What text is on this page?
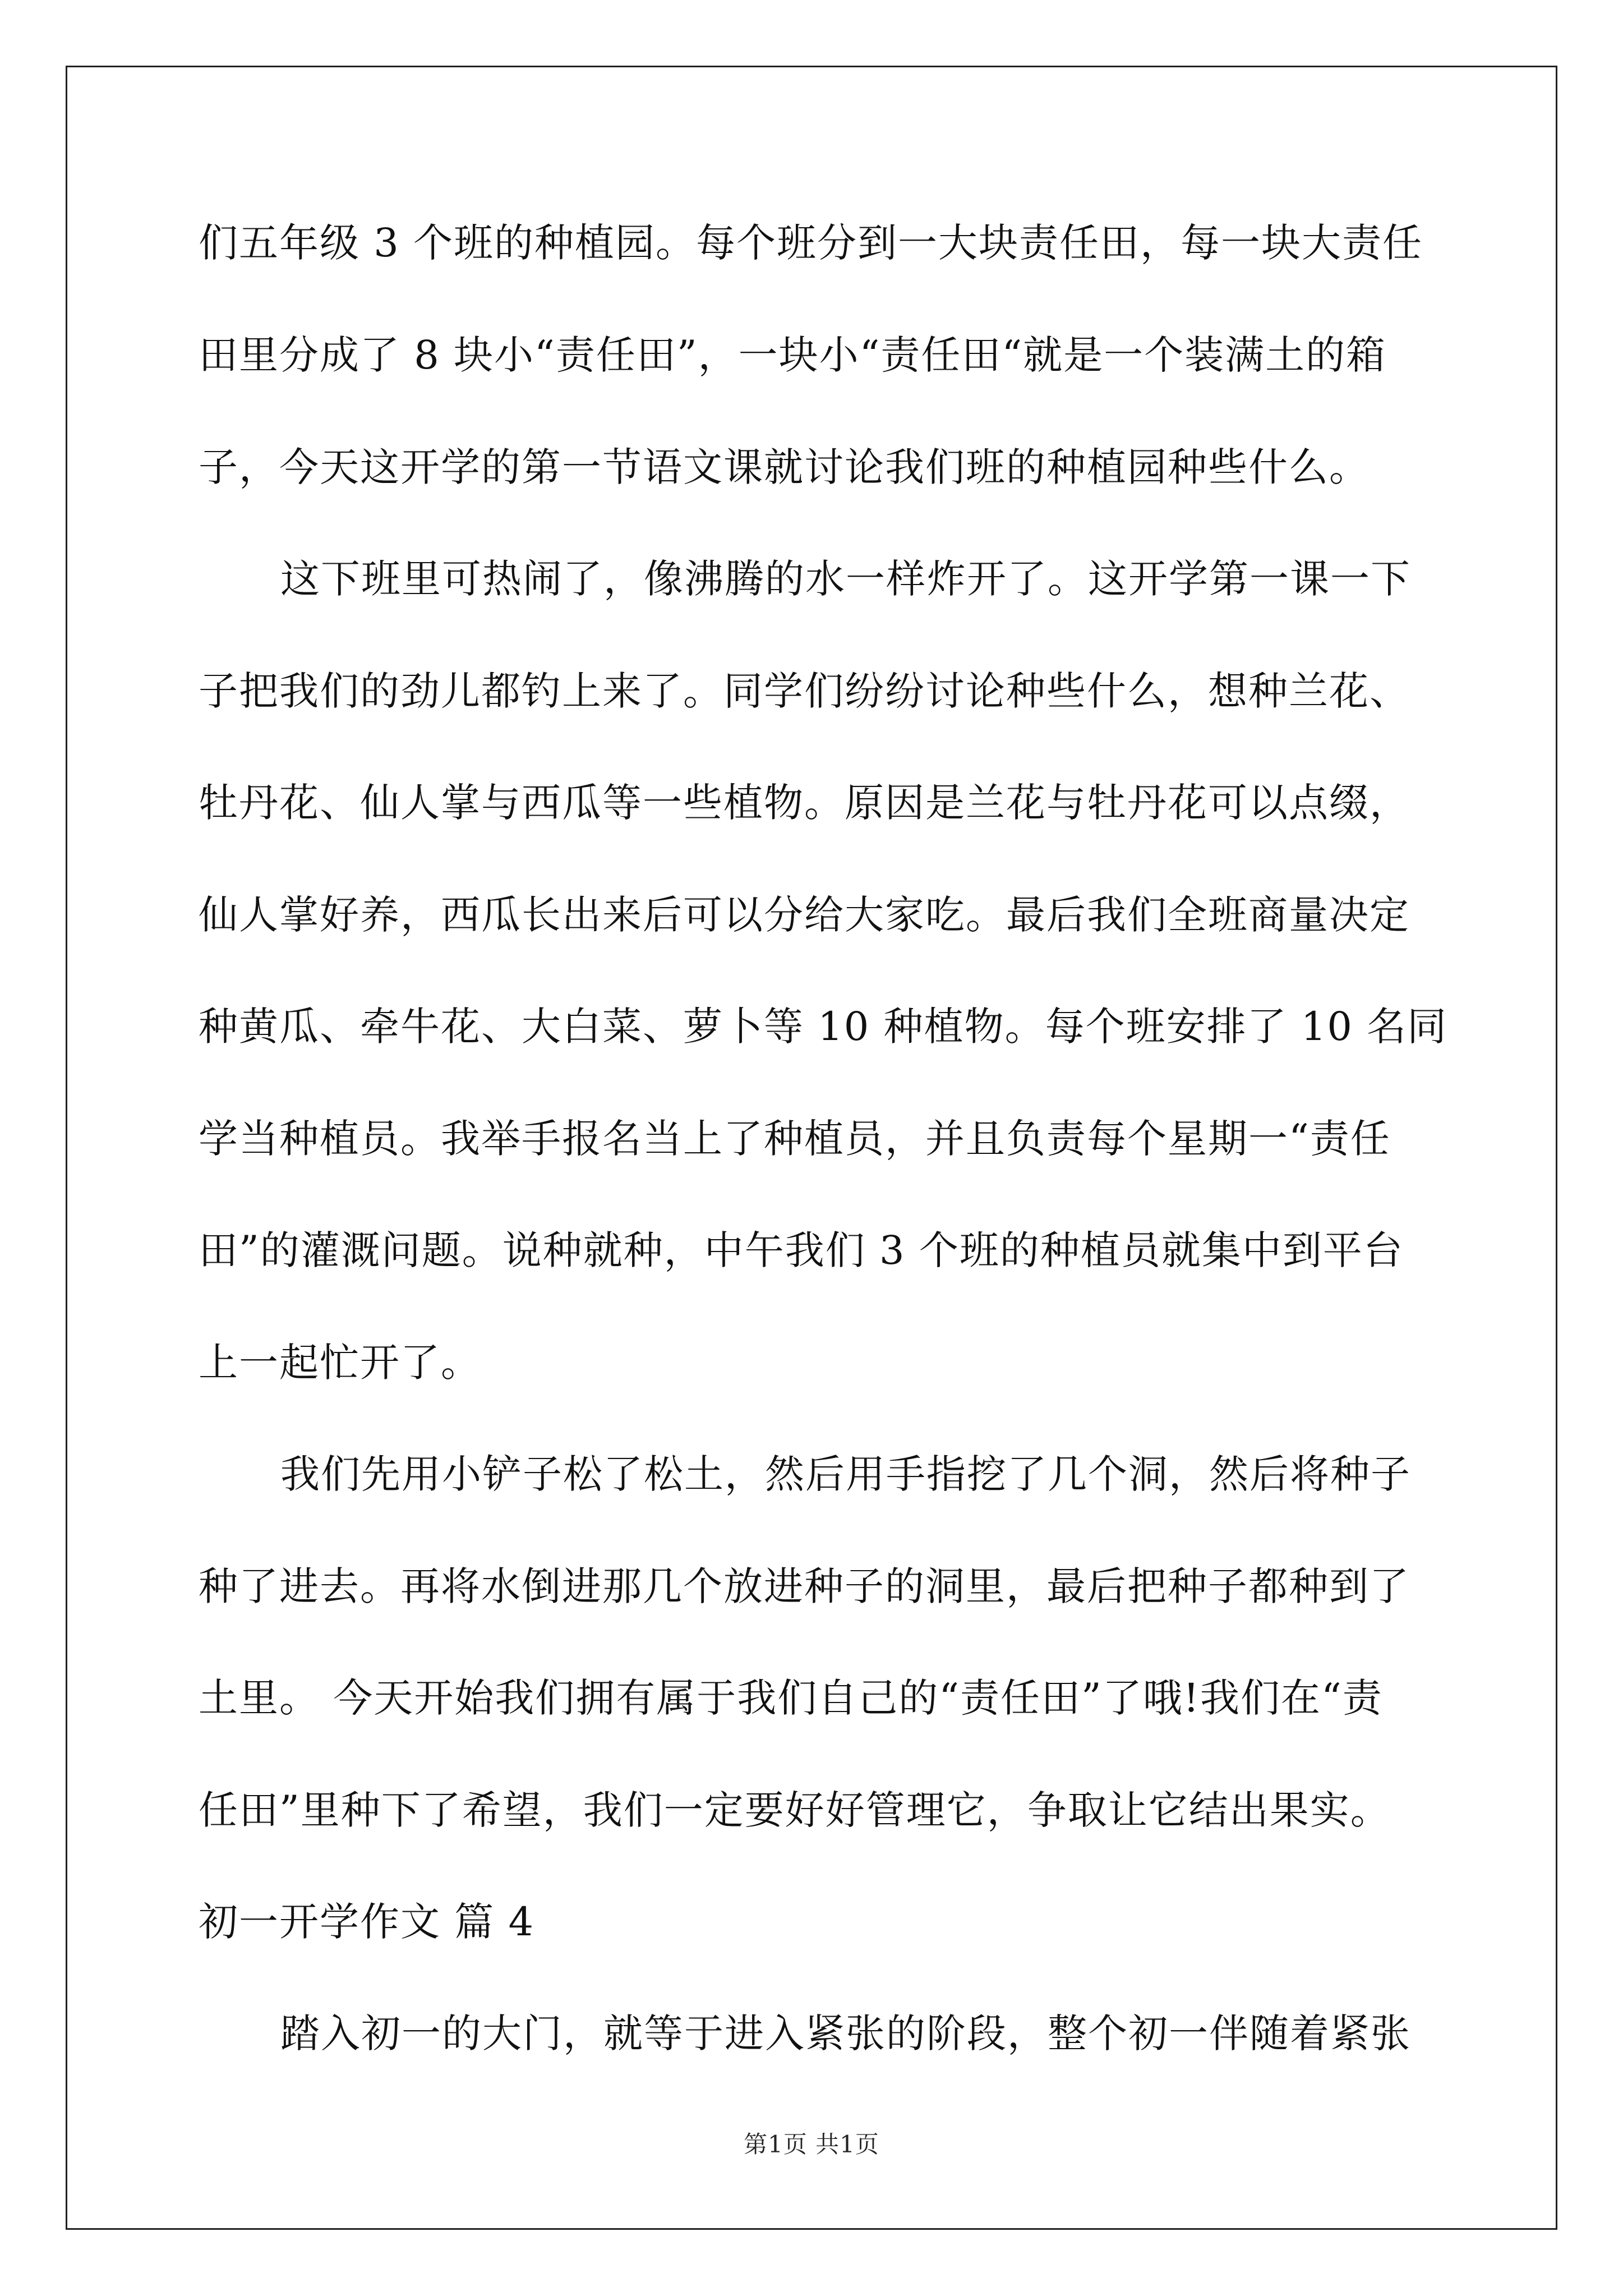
们五年级 3 个班的种植园。每个班分到一大块责任田，每一块大责任
田里分成了 8 块小“责任田”，一块小“责任田“就是一个装满土的箱
子，今天这开学的第一节语文课就讨论我们班的种植园种些什么。
这下班里可热闹了，像沸腾的水一样炸开了。这开学第一课一下
子把我们的劲儿都钓上来了。同学们纷纷讨论种些什么，想种兰花、
牡丹花、仙人掌与西瓜等一些植物。原因是兰花与牡丹花可以点缀，
仙人掌好养，西瓜长出来后可以分给大家吃。最后我们全班商量决定
种黄瓜、牵牛花、大白菜、萝卜等 10 种植物。每个班安排了 10 名同
学当种植员。我举手报名当上了种植员，并且负责每个星期一“责任
田”的灌溉问题。说种就种，中午我们 3 个班的种植员就集中到平台
上一起忙开了。
我们先用小铲子松了松土，然后用手指挖了几个洞，然后将种子
种了进去。再将水倒进那几个放进种子的洞里，最后把种子都种到了
土里。 今天开始我们拥有属于我们自己的“责任田”了哦!我们在“责
任田”里种下了希望，我们一定要好好管理它，争取让它结出果实。
初一开学作文 篇 4
踏入初一的大门，就等于进入紧张的阶段，整个初一伴随着紧张
第1页 共1页
